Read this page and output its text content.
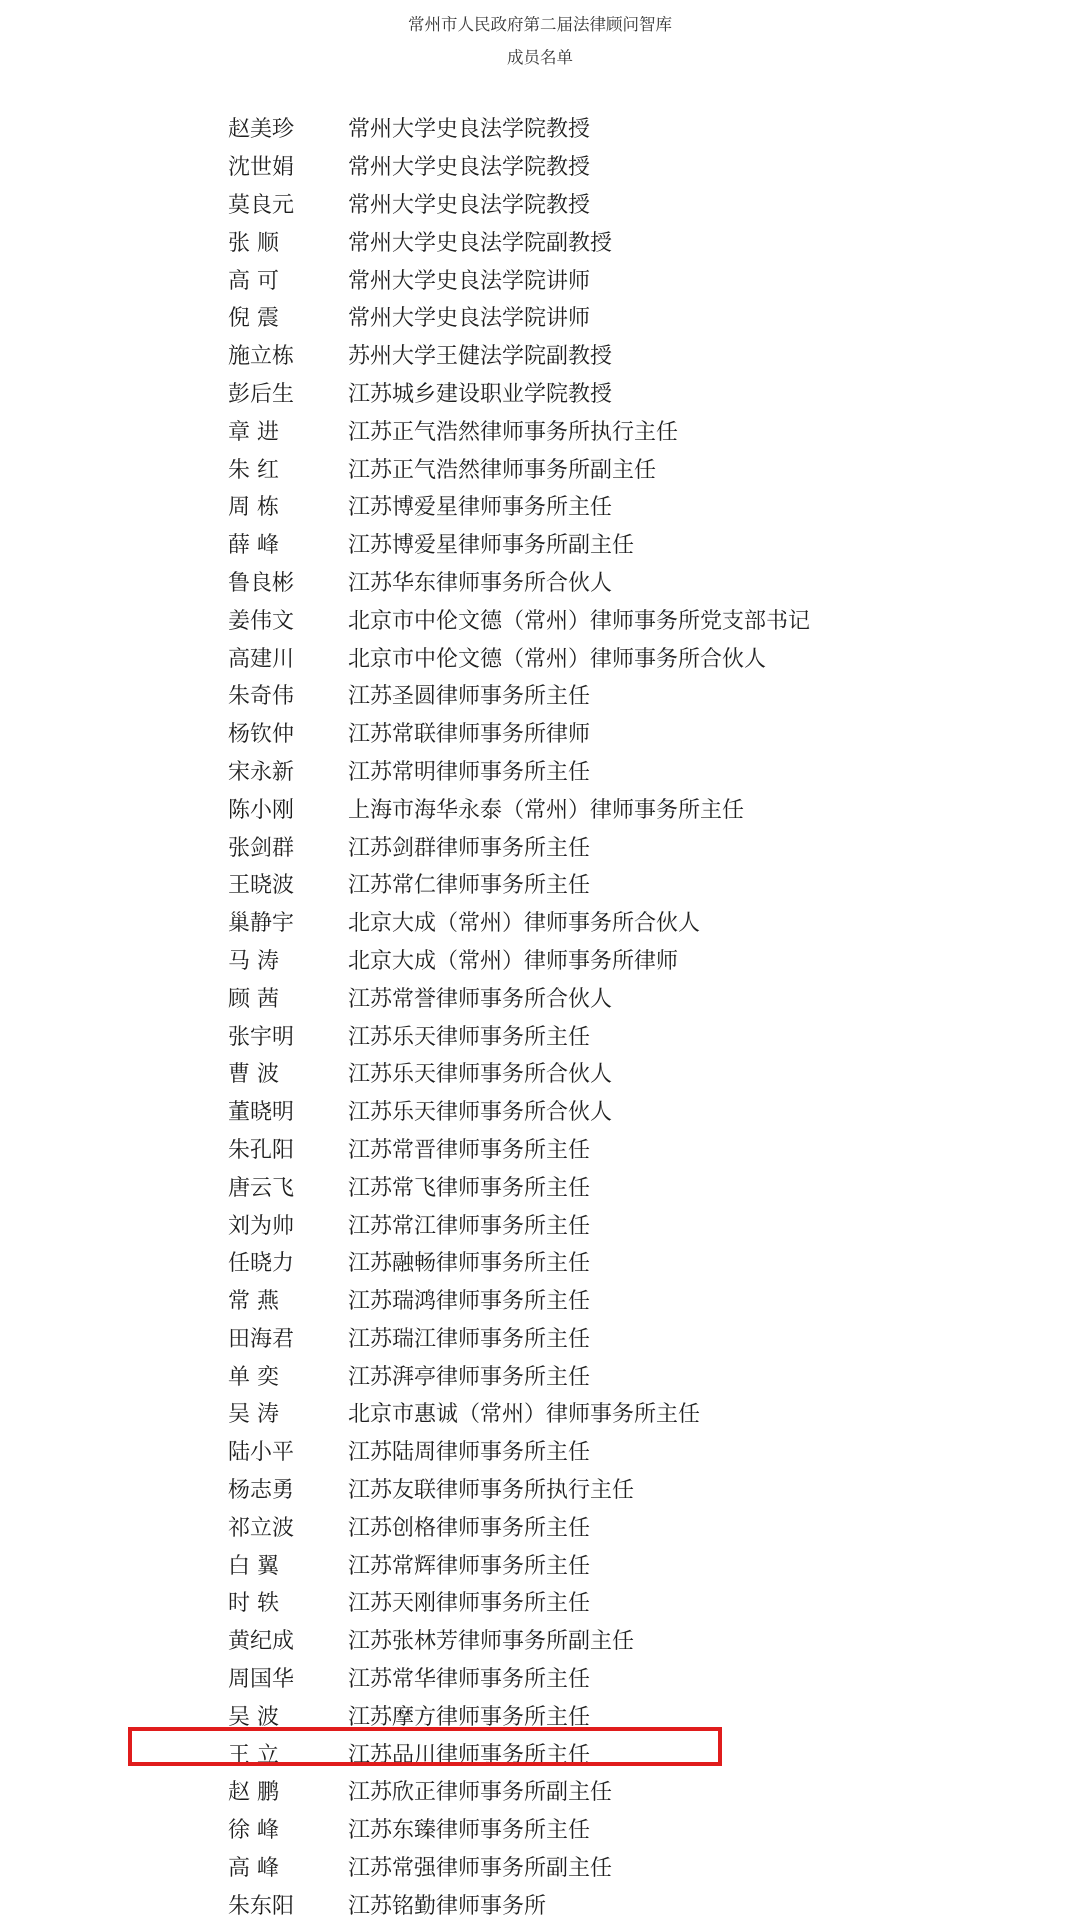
常州市人民政府第二届法律顾问智库
成员名单
赵美珍	常州大学史良法学院教授
沈世娟	常州大学史良法学院教授
莫良元	常州大学史良法学院教授
张 顺	常州大学史良法学院副教授
高 可	常州大学史良法学院讲师
倪 震	常州大学史良法学院讲师
施立栋	苏州大学王健法学院副教授
彭后生	江苏城乡建设职业学院教授
章 进	江苏正气浩然律师事务所执行主任
朱 红	江苏正气浩然律师事务所副主任
周 栋	江苏博爱星律师事务所主任
薛 峰	江苏博爱星律师事务所副主任
鲁良彬	江苏华东律师事务所合伙人
姜伟文	北京市中伦文德（常州）律师事务所党支部书记
高建川	北京市中伦文德（常州）律师事务所合伙人
朱奇伟	江苏圣圆律师事务所主任
杨钦仲	江苏常联律师事务所律师
宋永新	江苏常明律师事务所主任
陈小刚	上海市海华永泰（常州）律师事务所主任
张剑群	江苏剑群律师事务所主任
王晓波	江苏常仁律师事务所主任
巢静宇	北京大成（常州）律师事务所合伙人
马 涛	北京大成（常州）律师事务所律师
顾 茜	江苏常誉律师事务所合伙人
张宇明	江苏乐天律师事务所主任
曹 波	江苏乐天律师事务所合伙人
董晓明	江苏乐天律师事务所合伙人
朱孔阳	江苏常晋律师事务所主任
唐云飞	江苏常飞律师事务所主任
刘为帅	江苏常江律师事务所主任
任晓力	江苏融畅律师事务所主任
常 燕	江苏瑞鸿律师事务所主任
田海君	江苏瑞江律师事务所主任
单 奕	江苏湃亭律师事务所主任
吴 涛	北京市惠诚（常州）律师事务所主任
陆小平	江苏陆周律师事务所主任
杨志勇	江苏友联律师事务所执行主任
祁立波	江苏创格律师事务所主任
白 翼	江苏常辉律师事务所主任
时 轶	江苏天刚律师事务所主任
黄纪成	江苏张林芳律师事务所副主任
周国华	江苏常华律师事务所主任
吴 波	江苏摩方律师事务所主任
王 立	江苏品川律师事务所主任
赵 鹏	江苏欣正律师事务所副主任
徐 峰	江苏东臻律师事务所主任
高 峰	江苏常强律师事务所副主任
朱东阳	江苏铭勤律师事务所
